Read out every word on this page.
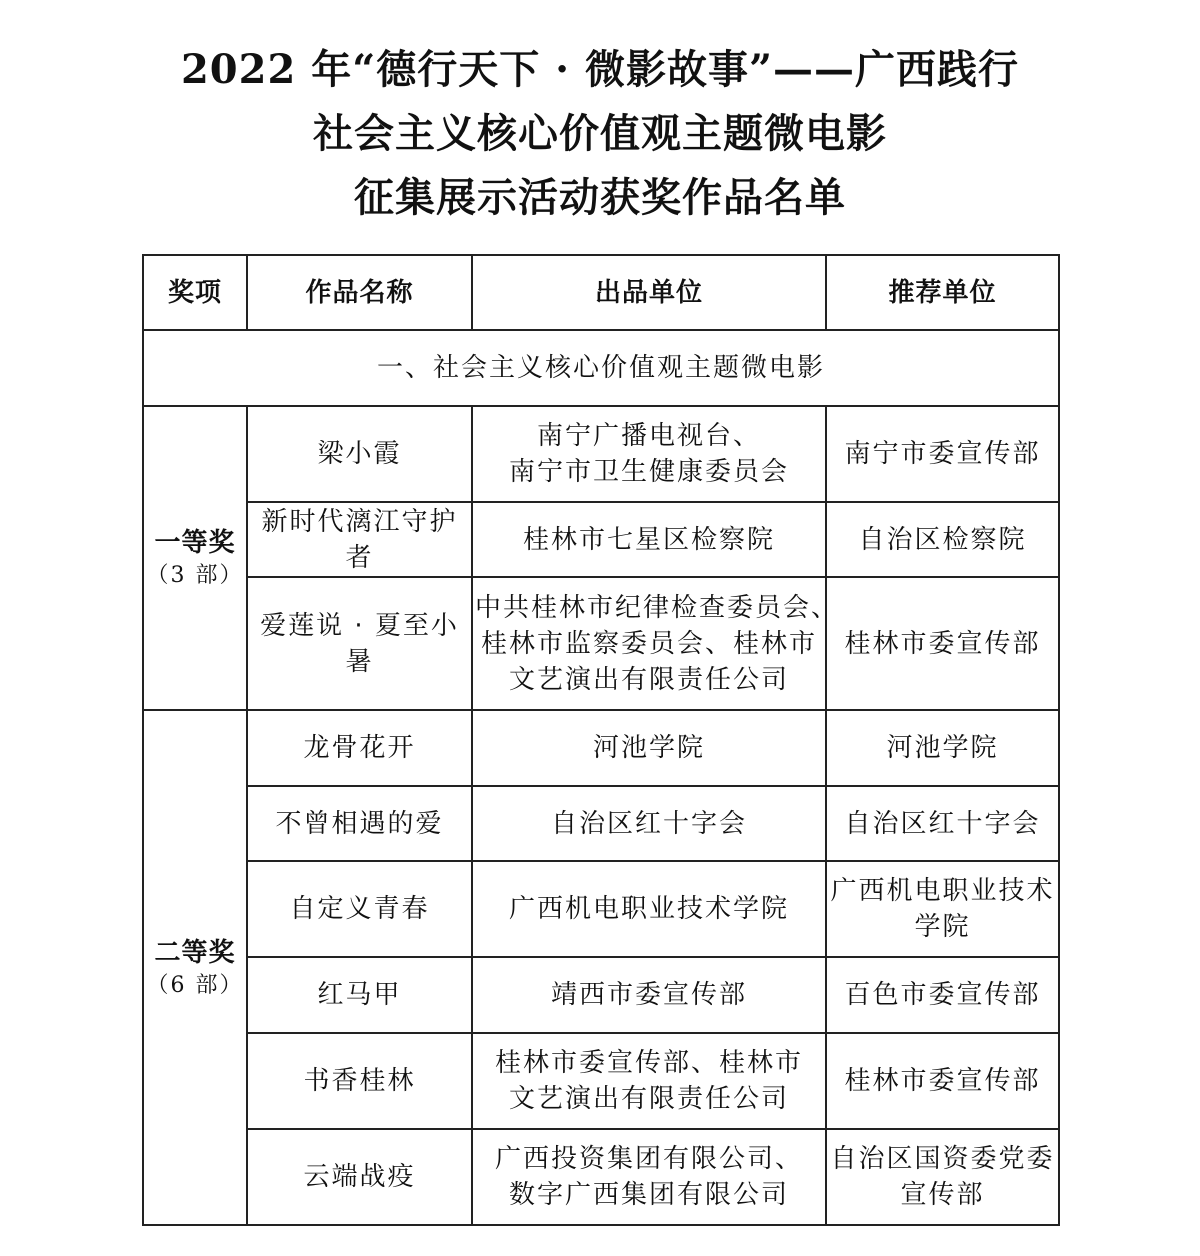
2022 年“德行天下 · 微影故事”——广西践行
社会主义核心价值观主题微电影
征集展示活动获奖作品名单
奖项	作品名称	出品单位	推荐单位
一、社会主义核心价值观主题微电影			

一等奖
（3 部）	梁小霞	南宁广播电视台、
南宁市卫生健康委员会	南宁市委宣传部

	新时代漓江守护者	桂林市七星区检察院	自治区检察院

	爱莲说 · 夏至小暑	中共桂林市纪律检查委员会、
桂林市监察委员会、桂林市
文艺演出有限责任公司	桂林市委宣传部

二等奖
（6 部）	龙骨花开	河池学院	河池学院

	不曾相遇的爱	自治区红十字会	自治区红十字会

	自定义青春	广西机电职业技术学院	广西机电职业技术
学院

	红马甲	靖西市委宣传部	百色市委宣传部

	书香桂林	桂林市委宣传部、桂林市
文艺演出有限责任公司	桂林市委宣传部

	云端战疫	广西投资集团有限公司、
数字广西集团有限公司	自治区国资委党委
宣传部
